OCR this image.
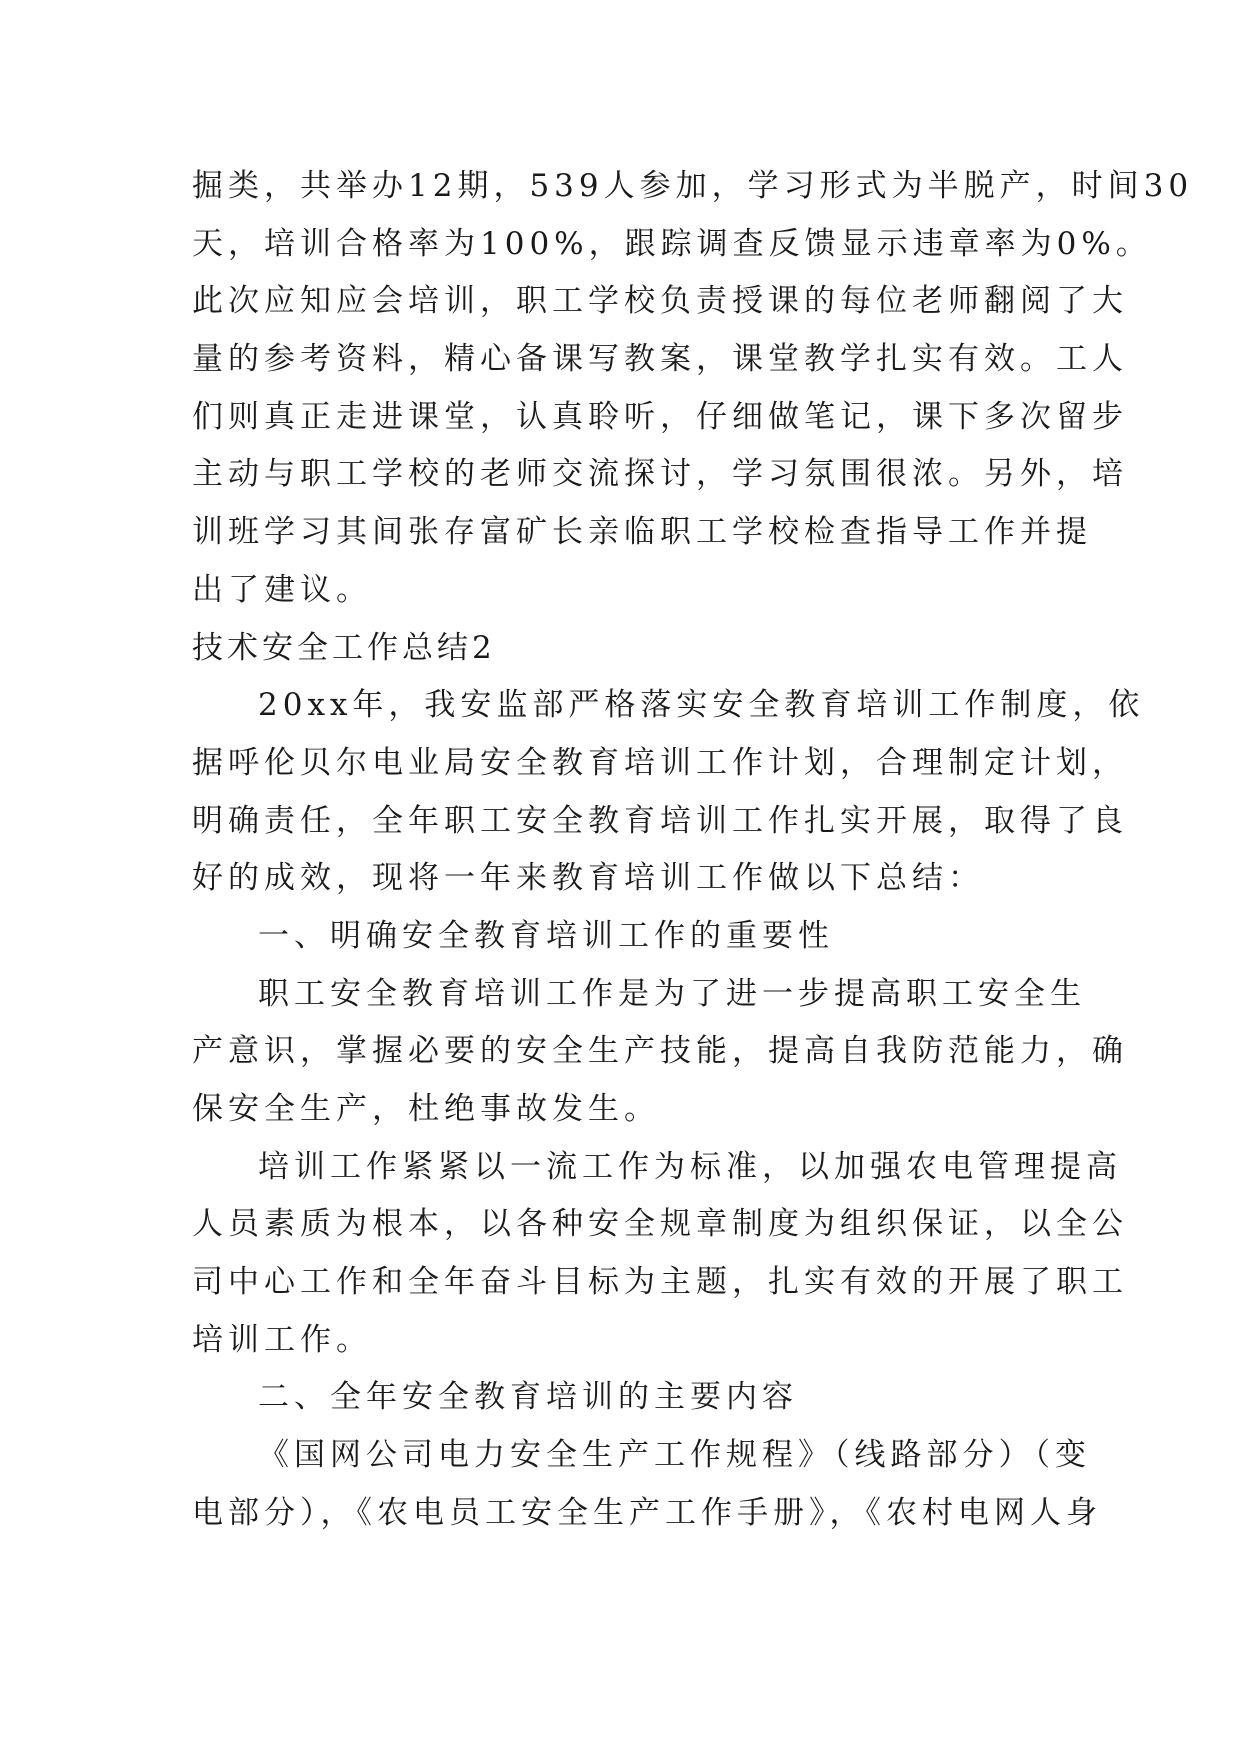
掘类，共举办12期，539人参加，学习形式为半脱产，时间30
天，培训合格率为100%，跟踪调查反馈显示违章率为0%。
此次应知应会培训，职工学校负责授课的每位老师翻阅了大
量的参考资料，精心备课写教案，课堂教学扎实有效。工人
们则真正走进课堂，认真聆听，仔细做笔记，课下多次留步
主动与职工学校的老师交流探讨，学习氛围很浓。另外，培
训班学习其间张存富矿长亲临职工学校检查指导工作并提
出了建议。
技术安全工作总结2
20xx年，我安监部严格落实安全教育培训工作制度，依
据呼伦贝尔电业局安全教育培训工作计划，合理制定计划，
明确责任，全年职工安全教育培训工作扎实开展，取得了良
好的成效，现将一年来教育培训工作做以下总结：
一、明确安全教育培训工作的重要性
职工安全教育培训工作是为了进一步提高职工安全生
产意识，掌握必要的安全生产技能，提高自我防范能力，确
保安全生产，杜绝事故发生。
培训工作紧紧以一流工作为标准，以加强农电管理提高
人员素质为根本，以各种安全规章制度为组织保证，以全公
司中心工作和全年奋斗目标为主题，扎实有效的开展了职工
培训工作。
二、全年安全教育培训的主要内容
《国网公司电力安全生产工作规程》（线路部分）（变
电部分），《农电员工安全生产工作手册》，《农村电网人身
